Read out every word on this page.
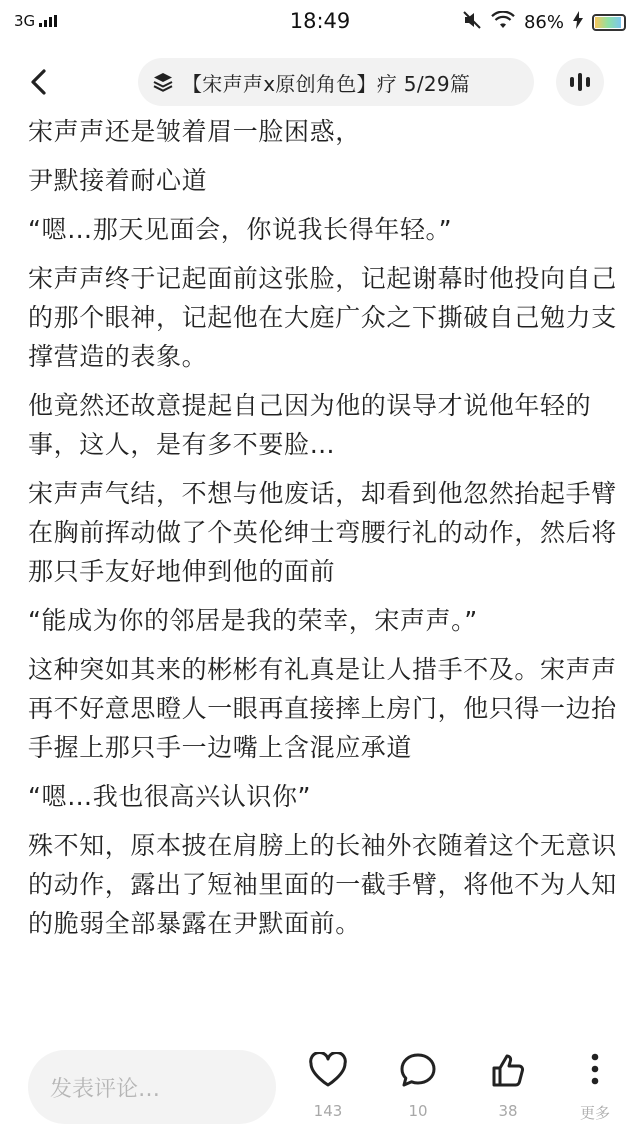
3G	18:49	86%
【宋声声x原创角色】疗 5/29篇

宋声声还是皱着眉一脸困惑，

尹默接着耐心道

“嗯…那天见面会，你说我长得年轻。”

宋声声终于记起面前这张脸，记起谢幕时他投向自己的那个眼神，记起他在大庭广众之下撕破自己勉力支撑营造的表象。

他竟然还故意提起自己因为他的误导才说他年轻的事，这人，是有多不要脸…

宋声声气结，不想与他废话，却看到他忽然抬起手臂在胸前挥动做了个英伦绅士弯腰行礼的动作，然后将那只手友好地伸到他的面前

“能成为你的邻居是我的荣幸，宋声声。”

这种突如其来的彬彬有礼真是让人措手不及。宋声声再不好意思瞪人一眼再直接摔上房门，他只得一边抬手握上那只手一边嘴上含混应承道

“嗯…我也很高兴认识你”

殊不知，原本披在肩膀上的长袖外衣随着这个无意识的动作，露出了短袖里面的一截手臂，将他不为人知的脆弱全部暴露在尹默面前。

发表评论…
143	10	38	更多
